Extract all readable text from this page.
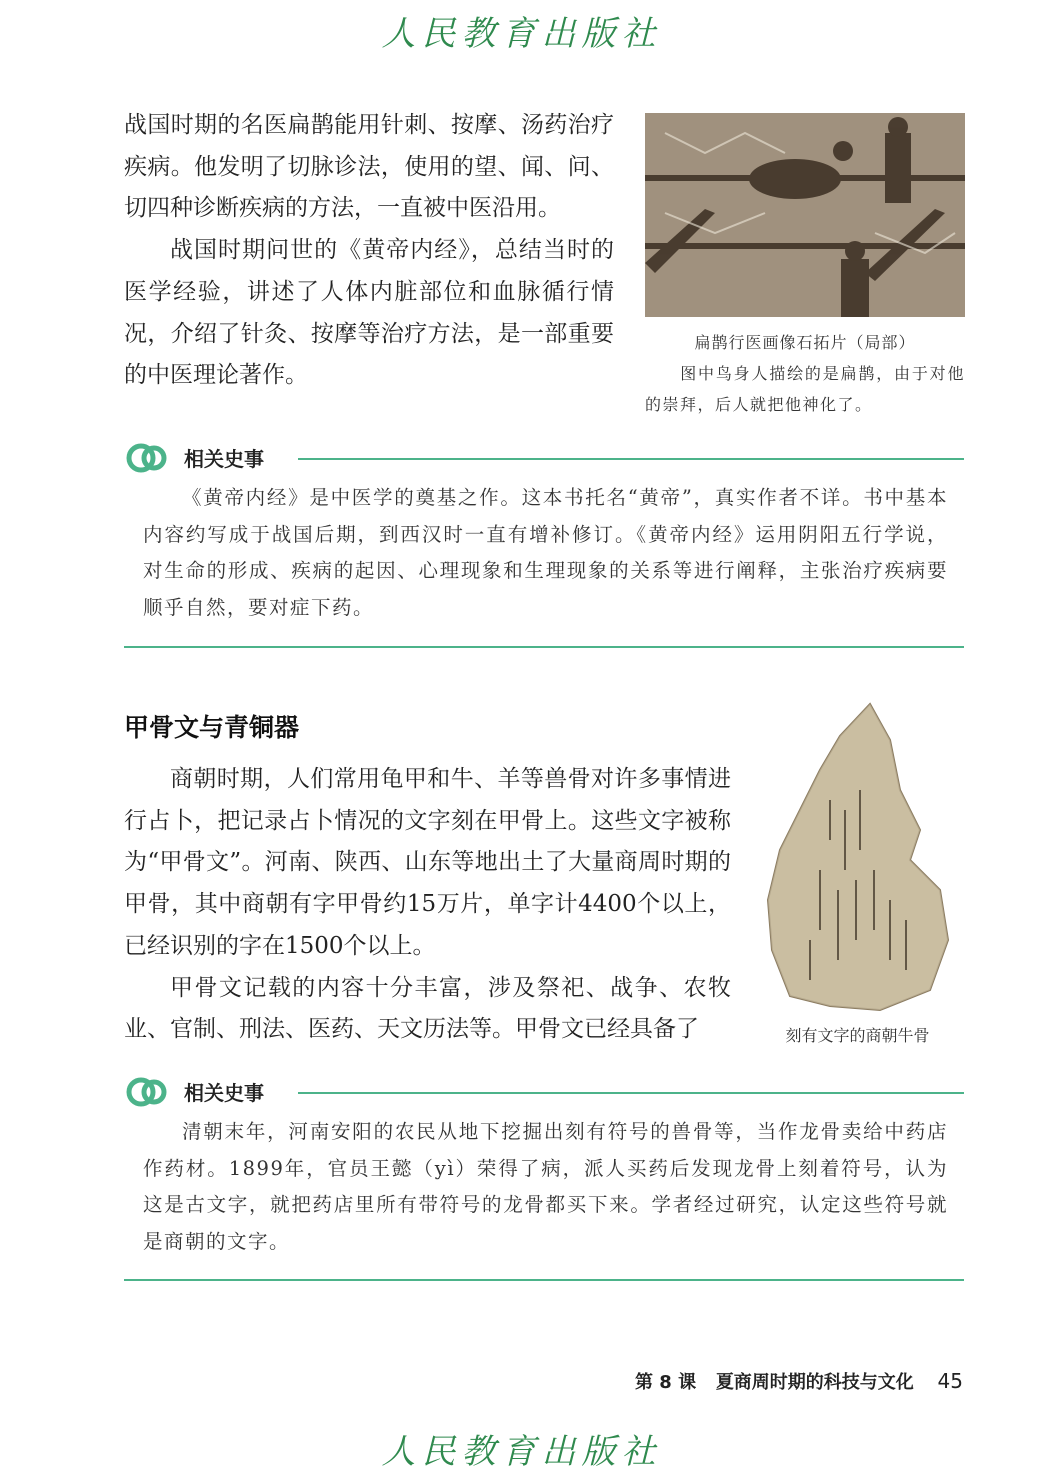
人民教育出版社

战国时期的名医扁鹊能用针刺、按摩、汤药治疗疾病。他发明了切脉诊法，使用的望、闻、问、切四种诊断疾病的方法，一直被中医沿用。

战国时期问世的《黄帝内经》，总结当时的医学经验，讲述了人体内脏部位和血脉循行情况，介绍了针灸、按摩等治疗方法，是一部重要的中医理论著作。

扁鹊行医画像石拓片（局部）
图中鸟身人描绘的是扁鹊，由于对他的崇拜，后人就把他神化了。
相关史事

《黄帝内经》是中医学的奠基之作。这本书托名“黄帝”，真实作者不详。书中基本内容约写成于战国后期，到西汉时一直有增补修订。《黄帝内经》运用阴阳五行学说，对生命的形成、疾病的起因、心理现象和生理现象的关系等进行阐释，主张治疗疾病要顺乎自然，要对症下药。

甲骨文与青铜器

商朝时期，人们常用龟甲和牛、羊等兽骨对许多事情进行占卜，把记录占卜情况的文字刻在甲骨上。这些文字被称为“甲骨文”。河南、陕西、山东等地出土了大量商周时期的甲骨，其中商朝有字甲骨约15万片，单字计4400个以上，已经识别的字在1500个以上。

甲骨文记载的内容十分丰富，涉及祭祀、战争、农牧业、官制、刑法、医药、天文历法等。甲骨文已经具备了	刻有文字的商朝牛骨
相关史事

清朝末年，河南安阳的农民从地下挖掘出刻有符号的兽骨等，当作龙骨卖给中药店作药材。1899年，官员王懿（yì）荣得了病，派人买药后发现龙骨上刻着符号，认为这是古文字，就把药店里所有带符号的龙骨都买下来。学者经过研究，认定这些符号就是商朝的文字。

第 8 课 夏商周时期的科技与文化 45
人民教育出版社
